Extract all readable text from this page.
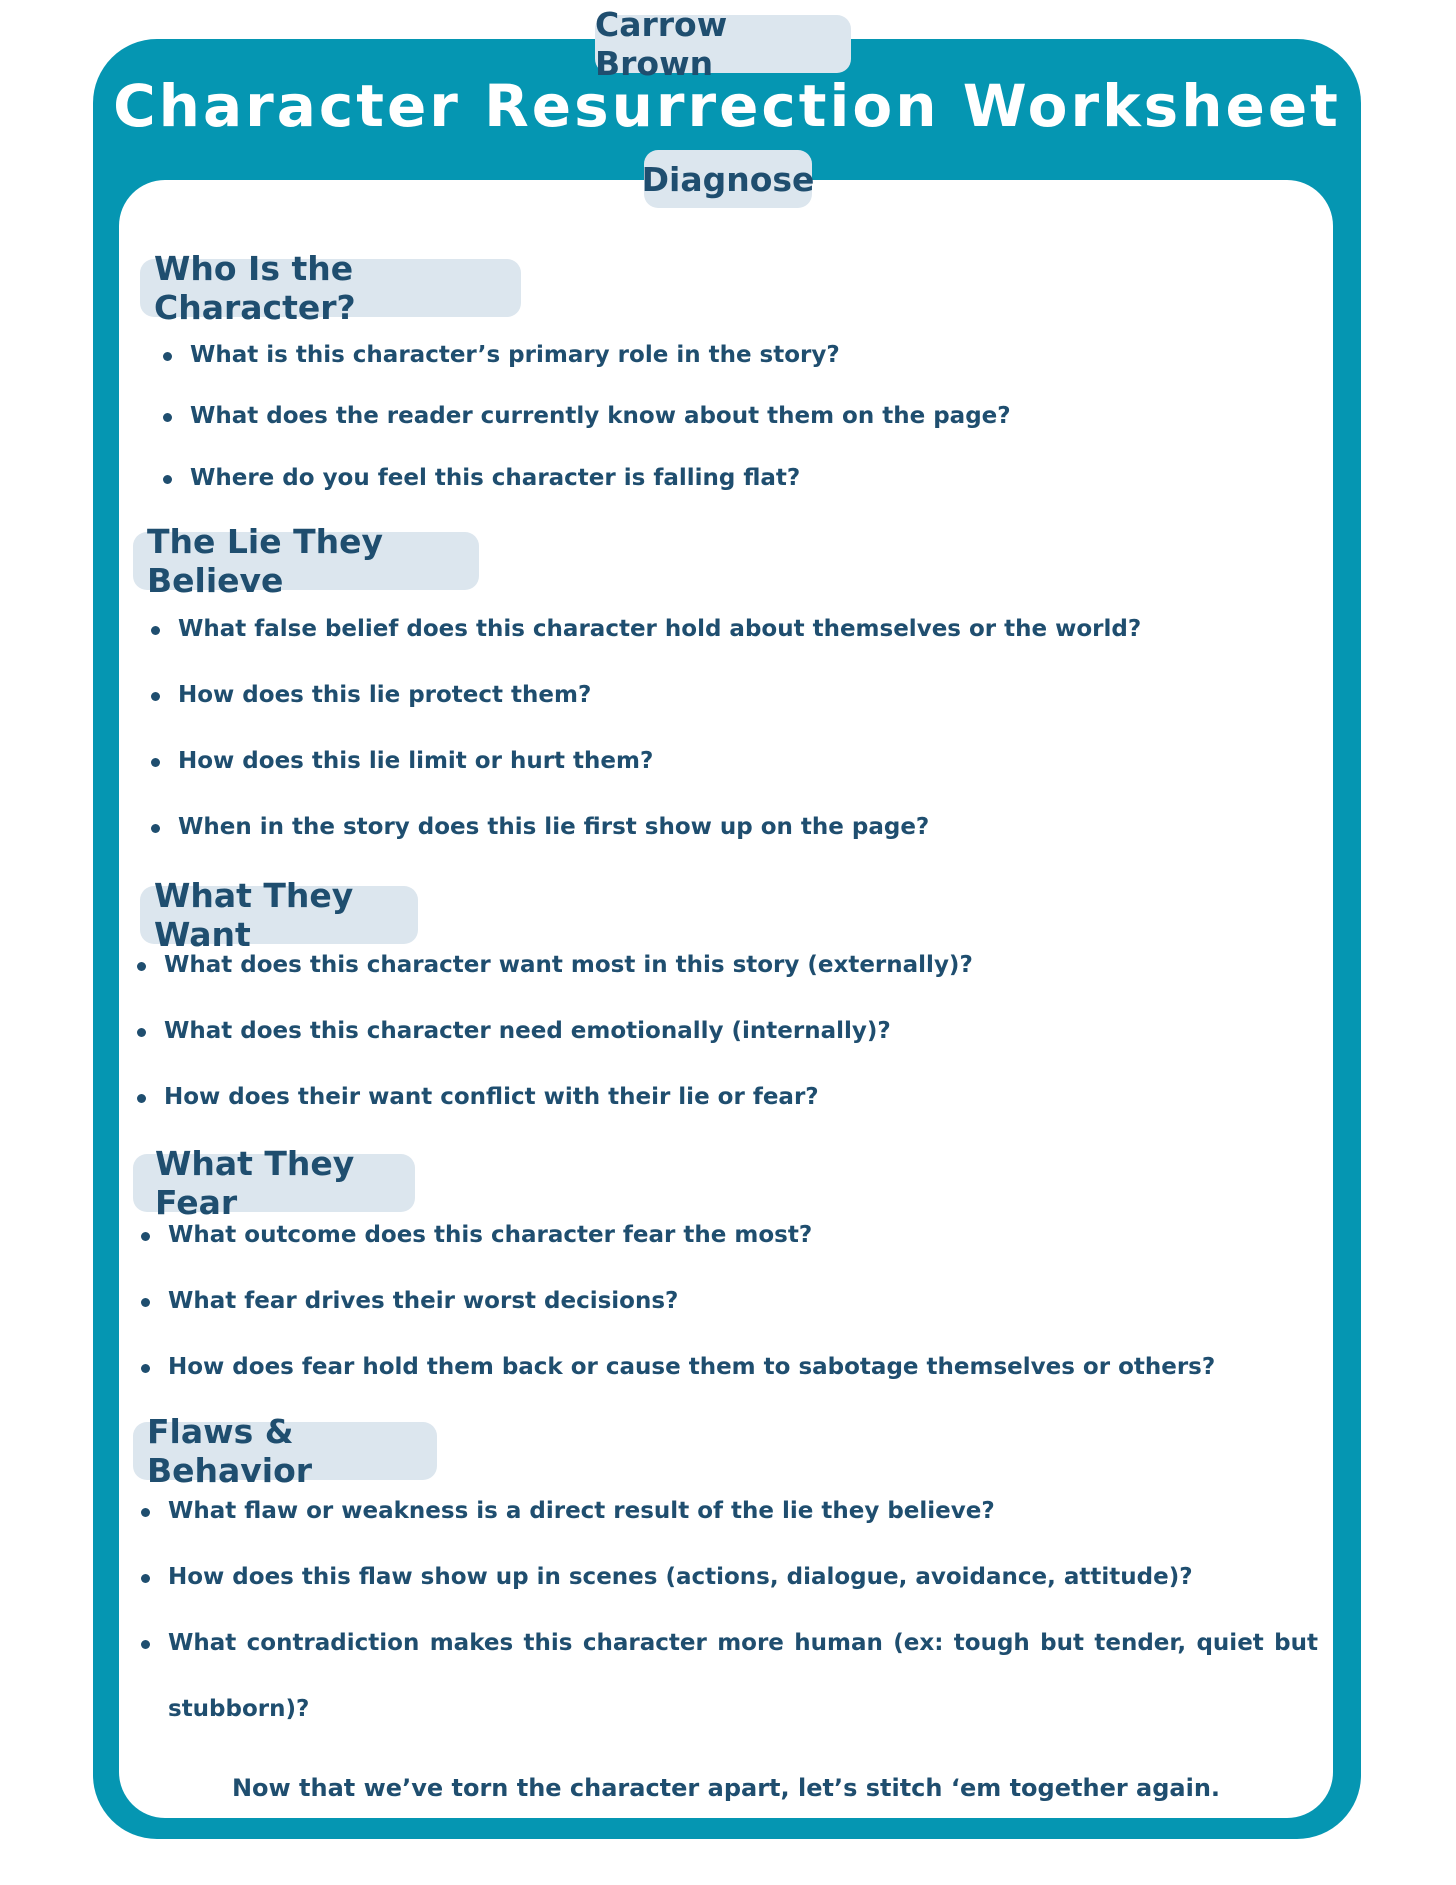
Carrow Brown
Character Resurrection Worksheet
Diagnose
Who Is the Character?
What is this character’s primary role in the story?
What does the reader currently know about them on the page?
Where do you feel this character is falling flat?
The Lie They Believe
What false belief does this character hold about themselves or the world?
How does this lie protect them?
How does this lie limit or hurt them?
When in the story does this lie first show up on the page?
What They Want
What does this character want most in this story (externally)?
What does this character need emotionally (internally)?
How does their want conflict with their lie or fear?
What They Fear
What outcome does this character fear the most?
What fear drives their worst decisions?
How does fear hold them back or cause them to sabotage themselves or others?
Flaws & Behavior
What flaw or weakness is a direct result of the lie they believe?
How does this flaw show up in scenes (actions, dialogue, avoidance, attitude)?
What contradiction makes this character more human (ex: tough but tender, quiet but stubborn)?
Now that we’ve torn the character apart, let’s stitch ‘em together again.
